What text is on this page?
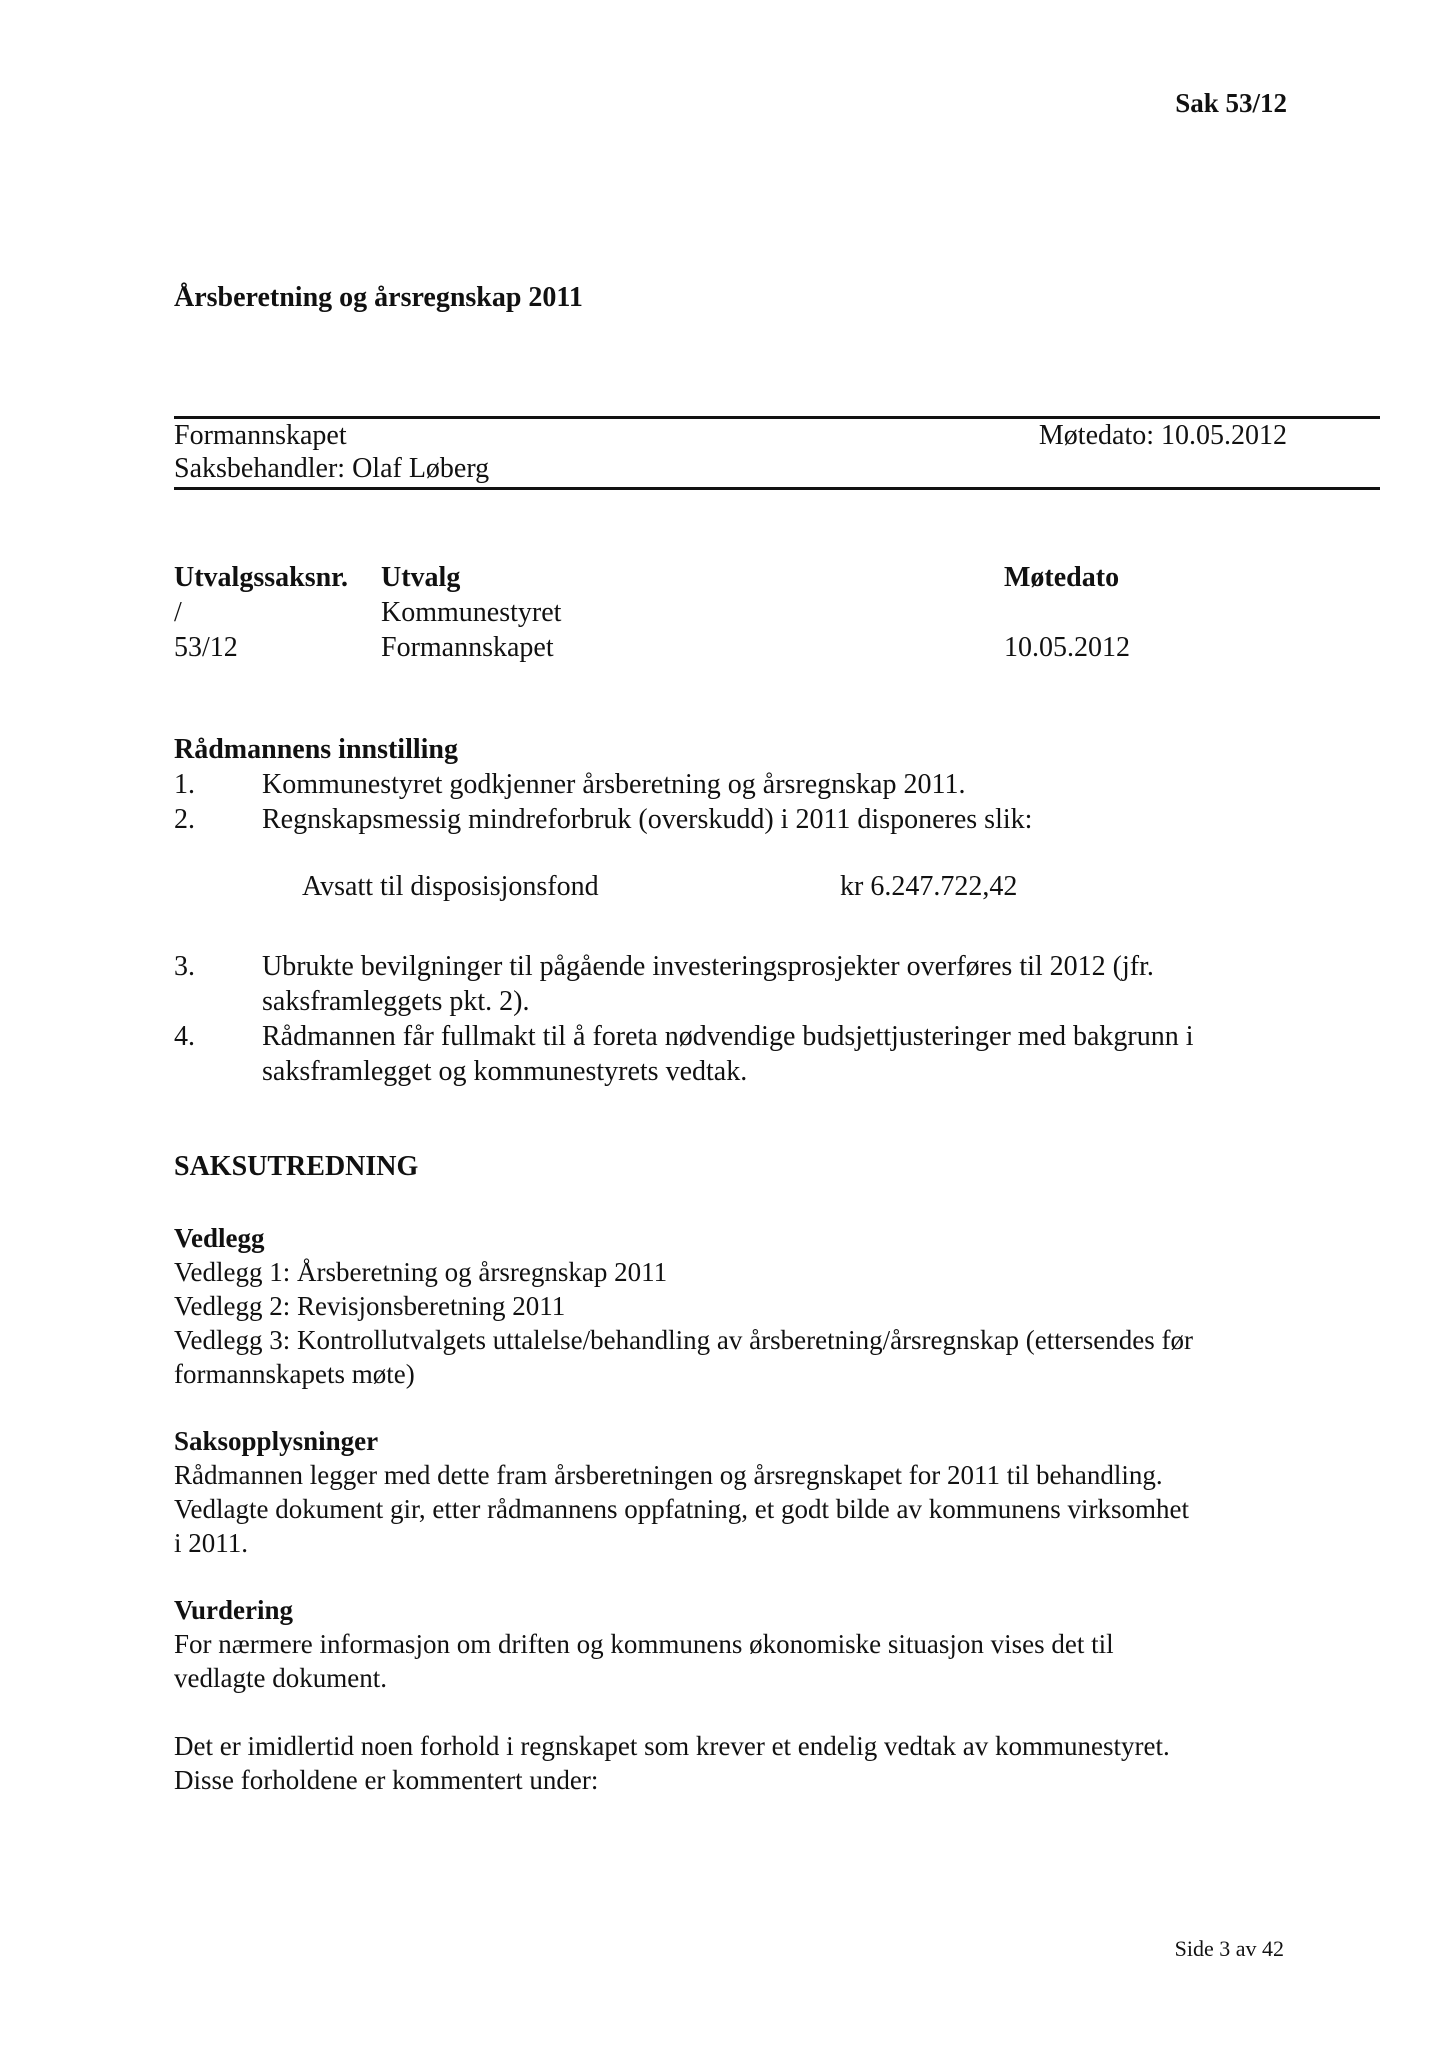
Sak 53/12
Årsberetning og årsregnskap 2011
Formannskapet	Møtedato: 10.05.2012
Saksbehandler: Olaf Løberg
Utvalgssaksnr. Utvalg	Møtedato
/	Kommunestyret
53/12	Formannskapet	10.05.2012
Rådmannens innstilling
1. Kommunestyret godkjenner årsberetning og årsregnskap 2011.
2. Regnskapsmessig mindreforbruk (overskudd) i 2011 disponeres slik:
Avsatt til disposisjonsfond	kr 6.247.722,42
3. Ubrukte bevilgninger til pågående investeringsprosjekter overføres til 2012 (jfr.
saksframleggets pkt. 2).
4. Rådmannen får fullmakt til å foreta nødvendige budsjettjusteringer med bakgrunn i
saksframlegget og kommunestyrets vedtak.
SAKSUTREDNING
Vedlegg
Vedlegg 1: Årsberetning og årsregnskap 2011
Vedlegg 2: Revisjonsberetning 2011
Vedlegg 3: Kontrollutvalgets uttalelse/behandling av årsberetning/årsregnskap (ettersendes før
formannskapets møte)
Saksopplysninger
Rådmannen legger med dette fram årsberetningen og årsregnskapet for 2011 til behandling.
Vedlagte dokument gir, etter rådmannens oppfatning, et godt bilde av kommunens virksomhet
i 2011.
Vurdering
For nærmere informasjon om driften og kommunens økonomiske situasjon vises det til
vedlagte dokument.
Det er imidlertid noen forhold i regnskapet som krever et endelig vedtak av kommunestyret.
Disse forholdene er kommentert under:
Side 3 av 42
